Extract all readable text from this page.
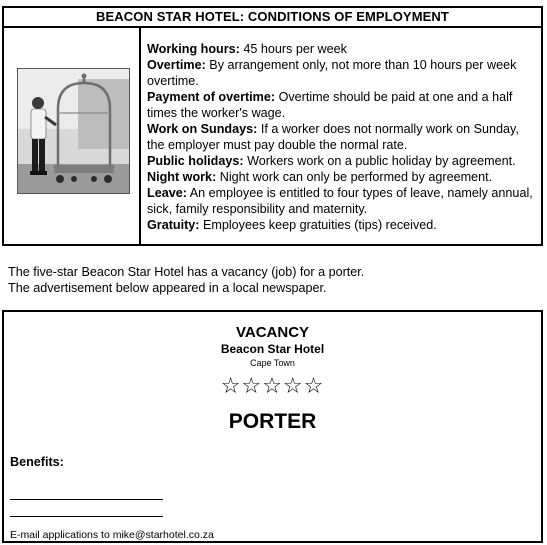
BEACON STAR HOTEL: CONDITIONS OF EMPLOYMENT

Working hours: 45 hours per week

Overtime: By arrangement only, not more than 10 hours per week overtime.

Payment of overtime: Overtime should be paid at one and a half times the worker's wage.

Work on Sundays: If a worker does not normally work on Sunday, the employer must pay double the normal rate.

Public holidays: Workers work on a public holiday by agreement.

Night work: Night work can only be performed by agreement.

Leave: An employee is entitled to four types of leave, namely annual, sick, family responsibility and maternity.

Gratuity: Employees keep gratuities (tips) received.

The five-star Beacon Star Hotel has a vacancy (job) for a porter.

The advertisement below appeared in a local newspaper.

VACANCY
Beacon Star Hotel
Cape Town
☆☆☆☆☆
PORTER
Benefits:
E-mail applications to mike@starhotel.co.za
